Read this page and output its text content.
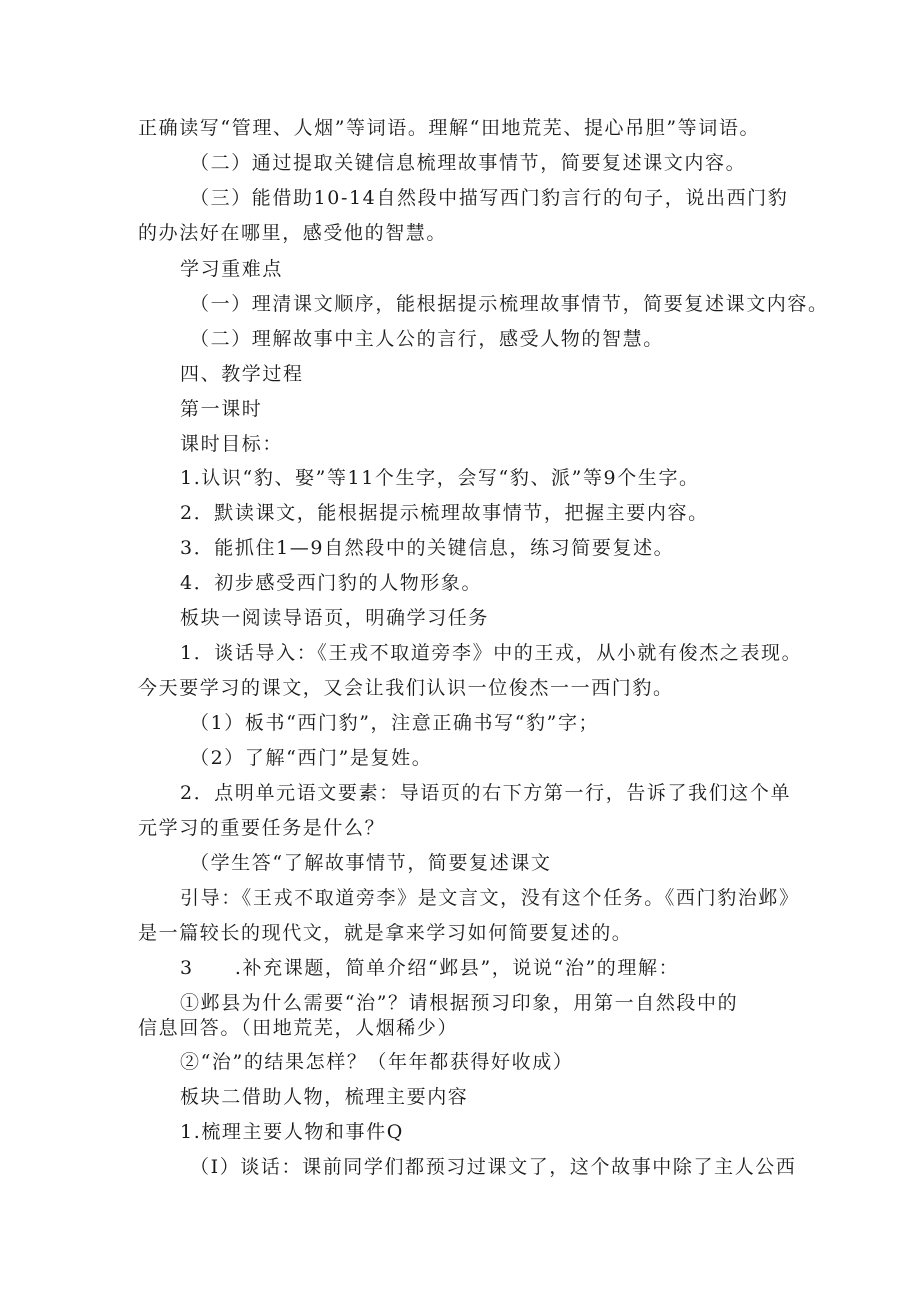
正确读写“管理、人烟”等词语。理解“田地荒芜、提心吊胆”等词语。
（二）通过提取关键信息梳理故事情节，简要复述课文内容。
（三）能借助10-14自然段中描写西门豹言行的句子，说出西门豹
的办法好在哪里，感受他的智慧。
学习重难点
（一）理清课文顺序，能根据提示梳理故事情节，简要复述课文内容。
（二）理解故事中主人公的言行，感受人物的智慧。
四、教学过程
第一课时
课时目标：
1.认识“豹、娶”等11个生字，会写“豹、派”等9个生字。
2．默读课文，能根据提示梳理故事情节，把握主要内容。
3．能抓住1—9自然段中的关键信息，练习简要复述。
4．初步感受西门豹的人物形象。
板块一阅读导语页，明确学习任务
1．谈话导入：《王戎不取道旁李》中的王戎，从小就有俊杰之表现。
今天要学习的课文，又会让我们认识一位俊杰一一西门豹。
（1）板书“西门豹”，注意正确书写“豹”字；
（2）了解“西门”是复姓。
2．点明单元语文要素：导语页的右下方第一行，告诉了我们这个单
元学习的重要任务是什么？
（学生答“了解故事情节，简要复述课文
引导：《王戎不取道旁李》是文言文，没有这个任务。《西门豹治邺》
是一篇较长的现代文，就是拿来学习如何简要复述的。
3　　.补充课题，简单介绍“邺县”，说说“治”的理解：
①邺县为什么需要“治”？请根据预习印象，用第一自然段中的
信息回答。（田地荒芜，人烟稀少）
②“治”的结果怎样？（年年都获得好收成）
板块二借助人物，梳理主要内容
1.梳理主要人物和事件Q
（I）谈话：课前同学们都预习过课文了，这个故事中除了主人公西
